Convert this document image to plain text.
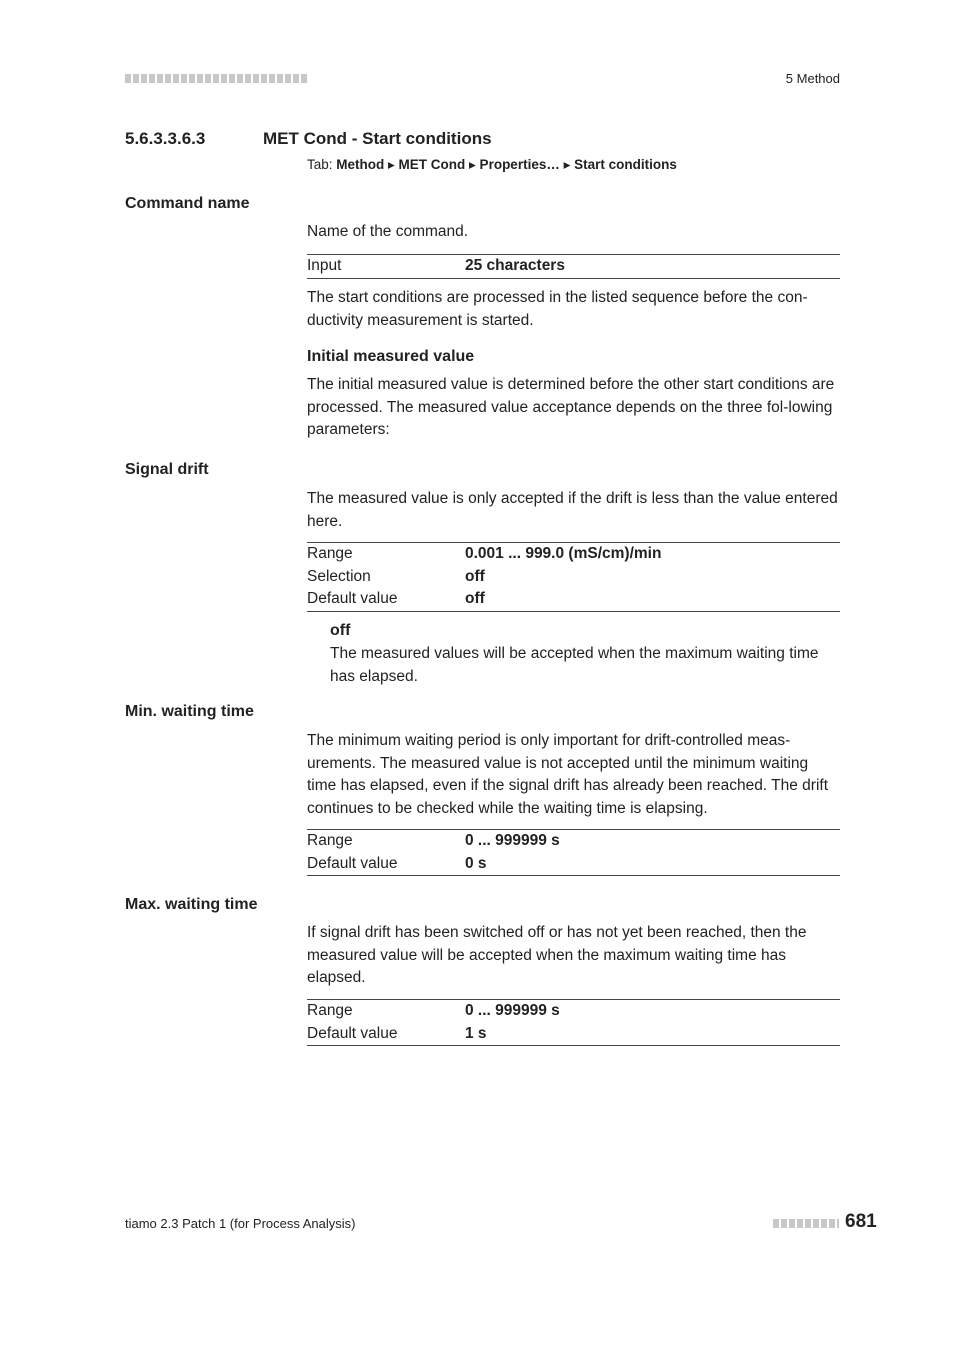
5 Method
5.6.3.3.6.3	MET Cond - Start conditions
Tab: Method ▸ MET Cond ▸ Properties… ▸ Start conditions
Command name
Name of the command.
Input	25 characters
The start conditions are processed in the listed sequence before the con-ductivity measurement is started.
Initial measured value
The initial measured value is determined before the other start conditions are processed. The measured value acceptance depends on the three fol-lowing parameters:
Signal drift
The measured value is only accepted if the drift is less than the value entered here.
Range	0.001 ... 999.0 (mS/cm)/min
Selection	off
Default value	off
off
The measured values will be accepted when the maximum waiting time has elapsed.
Min. waiting time
The minimum waiting period is only important for drift-controlled meas-urements. The measured value is not accepted until the minimum waiting time has elapsed, even if the signal drift has already been reached. The drift continues to be checked while the waiting time is elapsing.
Range	0 ... 999999 s
Default value	0 s
Max. waiting time
If signal drift has been switched off or has not yet been reached, then the measured value will be accepted when the maximum waiting time has elapsed.
Range	0 ... 999999 s
Default value	1 s
tiamo 2.3 Patch 1 (for Process Analysis)	681
